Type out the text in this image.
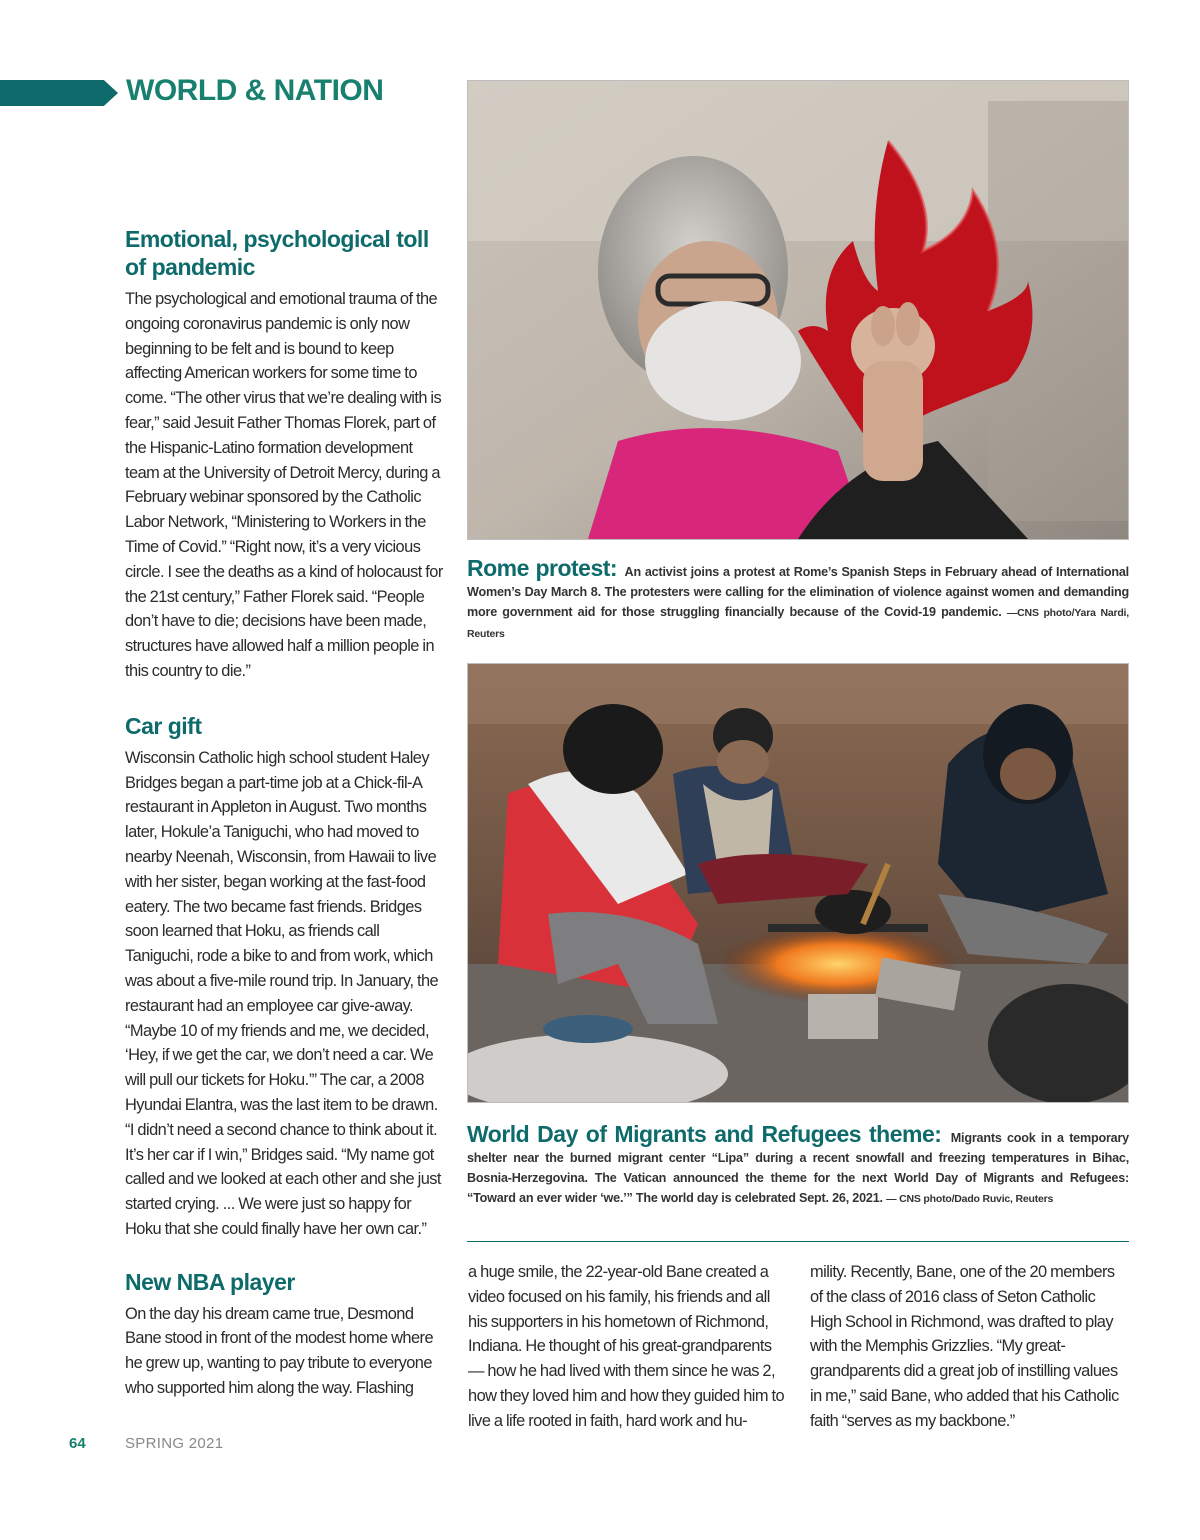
WORLD & NATION
Emotional, psychological toll of pandemic

The psychological and emotional trauma of the ongoing coronavirus pandemic is only now beginning to be felt and is bound to keep affecting American workers for some time to come. “The other virus that we’re dealing with is fear,” said Jesuit Father Thomas Florek, part of the Hispanic-Latino formation development team at the University of Detroit Mercy, during a February webinar sponsored by the Catholic Labor Network, “Ministering to Workers in the Time of Covid.” “Right now, it’s a very vicious circle. I see the deaths as a kind of holocaust for the 21st century,” Father Florek said. “People don’t have to die; decisions have been made, structures have allowed half a million people in this country to die.”

Car gift

Wisconsin Catholic high school student Haley Bridges began a part-time job at a Chick-fil-A restaurant in Appleton in August. Two months later, Hokule’a Taniguchi, who had moved to nearby Neenah, Wisconsin, from Hawaii to live with her sister, began working at the fast-food eatery. The two became fast friends. Bridges soon learned that Hoku, as friends call Taniguchi, rode a bike to and from work, which was about a five-mile round trip. In January, the restaurant had an employee car give-away. “Maybe 10 of my friends and me, we decided, ‘Hey, if we get the car, we don’t need a car. We will pull our tickets for Hoku.’” The car, a 2008 Hyundai Elantra, was the last item to be drawn. “I didn’t need a second chance to think about it. It’s her car if I win,” Bridges said. “My name got called and we looked at each other and she just started crying. ... We were just so happy for Hoku that she could finally have her own car.”

New NBA player

On the day his dream came true, Desmond Bane stood in front of the modest home where he grew up, wanting to pay tribute to everyone who supported him along the way. Flashing

Rome protest: An activist joins a protest at Rome’s Spanish Steps in February ahead of International Women’s Day March 8. The protesters were calling for the elimination of violence against women and demanding more government aid for those struggling financially because of the Covid-19 pandemic. —CNS photo/Yara Nardi, Reuters
World Day of Migrants and Refugees theme: Migrants cook in a temporary shelter near the burned migrant center “Lipa” during a recent snowfall and freezing temperatures in Bihac, Bosnia-Herzegovina. The Vatican announced the theme for the next World Day of Migrants and Refugees: “Toward an ever wider ‘we.’” The world day is celebrated Sept. 26, 2021. — CNS photo/Dado Ruvic, Reuters

a huge smile, the 22-year-old Bane created a video focused on his family, his friends and all his supporters in his hometown of Richmond, Indiana. He thought of his great-grandparents — how he had lived with them since he was 2, how they loved him and how they guided him to live a life rooted in faith, hard work and hu-

mility. Recently, Bane, one of the 20 members of the class of 2016 class of Seton Catholic High School in Richmond, was drafted to play with the Memphis Grizzlies. “My great-grandparents did a great job of instilling values in me,” said Bane, who added that his Catholic faith “serves as my backbone.”

64	SPRING 2021
